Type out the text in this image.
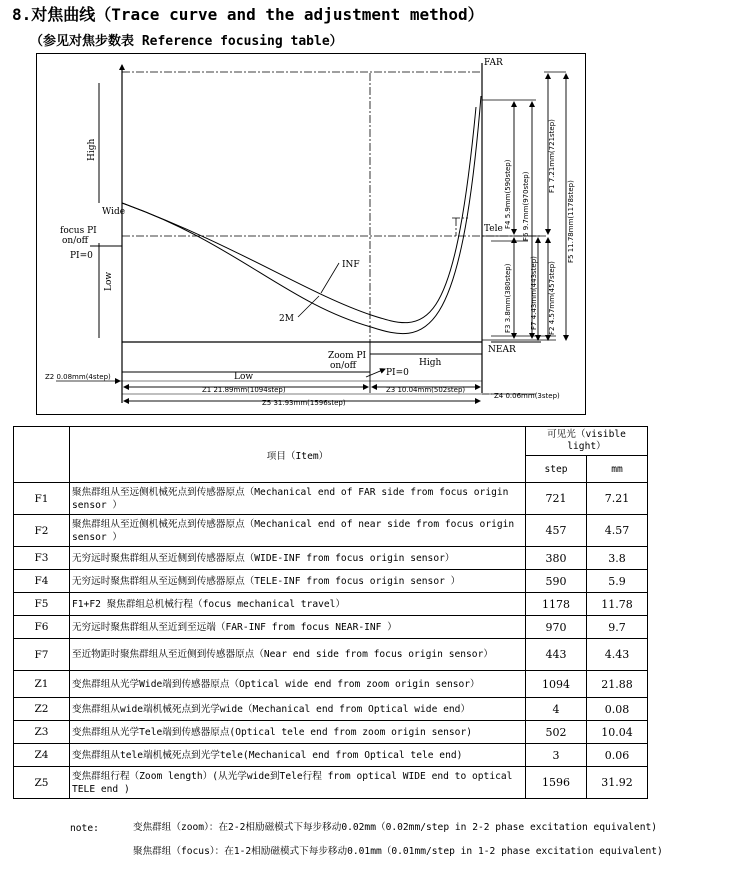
8.对焦曲线（Trace curve and the adjustment method）
（参见对焦步数表 Reference focusing table）
FAR
NEAR
High
Low
Wide
focus PI
on/off
PI=0
INF
2M
Tele
Zoom PI
on/off
PI=0
Low
High
Z2 0.08mm(4step)
Z1 21.89mm(1094step)	Z3 10.04mm(502step)
Z4 0.06mm(3step)
Z5 31.93mm(1596step)
F4 5.9mm(590step) F6 9.7mm(970step)
F1 7.21mm(721step)
F5 11.78mm(1178step)
F3 3.8mm(380step)	F7 4.43mm(443step) F2 4.57mm(457step)
	项目（Item）	可见光（visible light）	
		step	mm
F1	聚焦群组从至远侧机械死点到传感器原点（Mechanical end of FAR side from focus origin sensor ）	721	7.21
F2	聚焦群组从至近侧机械死点到传感器原点（Mechanical end of near side from focus origin sensor ）	457	4.57
F3	无穷远时聚焦群组从至近侧到传感器原点（WIDE-INF from focus origin sensor）	380	3.8
F4	无穷远时聚焦群组从至远侧到传感器原点（TELE-INF from focus origin sensor ）	590	5.9
F5	F1+F2 聚焦群组总机械行程（focus mechanical travel）	1178	11.78
F6	无穷远时聚焦群组从至近到至远端（FAR-INF from focus NEAR-INF ）	970	9.7
F7	至近物距时聚焦群组从至近侧到传感器原点（Near end side from focus origin sensor）	443	4.43
Z1	变焦群组从光学Wide端到传感器原点（Optical wide end from zoom origin sensor）	1094	21.88
Z2	变焦群组从wide端机械死点到光学wide（Mechanical end from Optical wide end）	4	0.08
Z3	变焦群组从光学Tele端到传感器原点(Optical tele end from zoom origin sensor)	502	10.04
Z4	变焦群组从tele端机械死点到光学tele(Mechanical end from Optical tele end)	3	0.06
Z5	变焦群组行程（Zoom length）(从光学wide到Tele行程 from optical WIDE end to optical TELE end )	1596	31.92
note:	变焦群组（zoom）：在2-2相励磁模式下每步移动0.02mm（0.02mm/step in 2-2 phase excitation equivalent)
聚焦群组（focus）：在1-2相励磁模式下每步移动0.01mm（0.01mm/step in 1-2 phase excitation equivalent)
